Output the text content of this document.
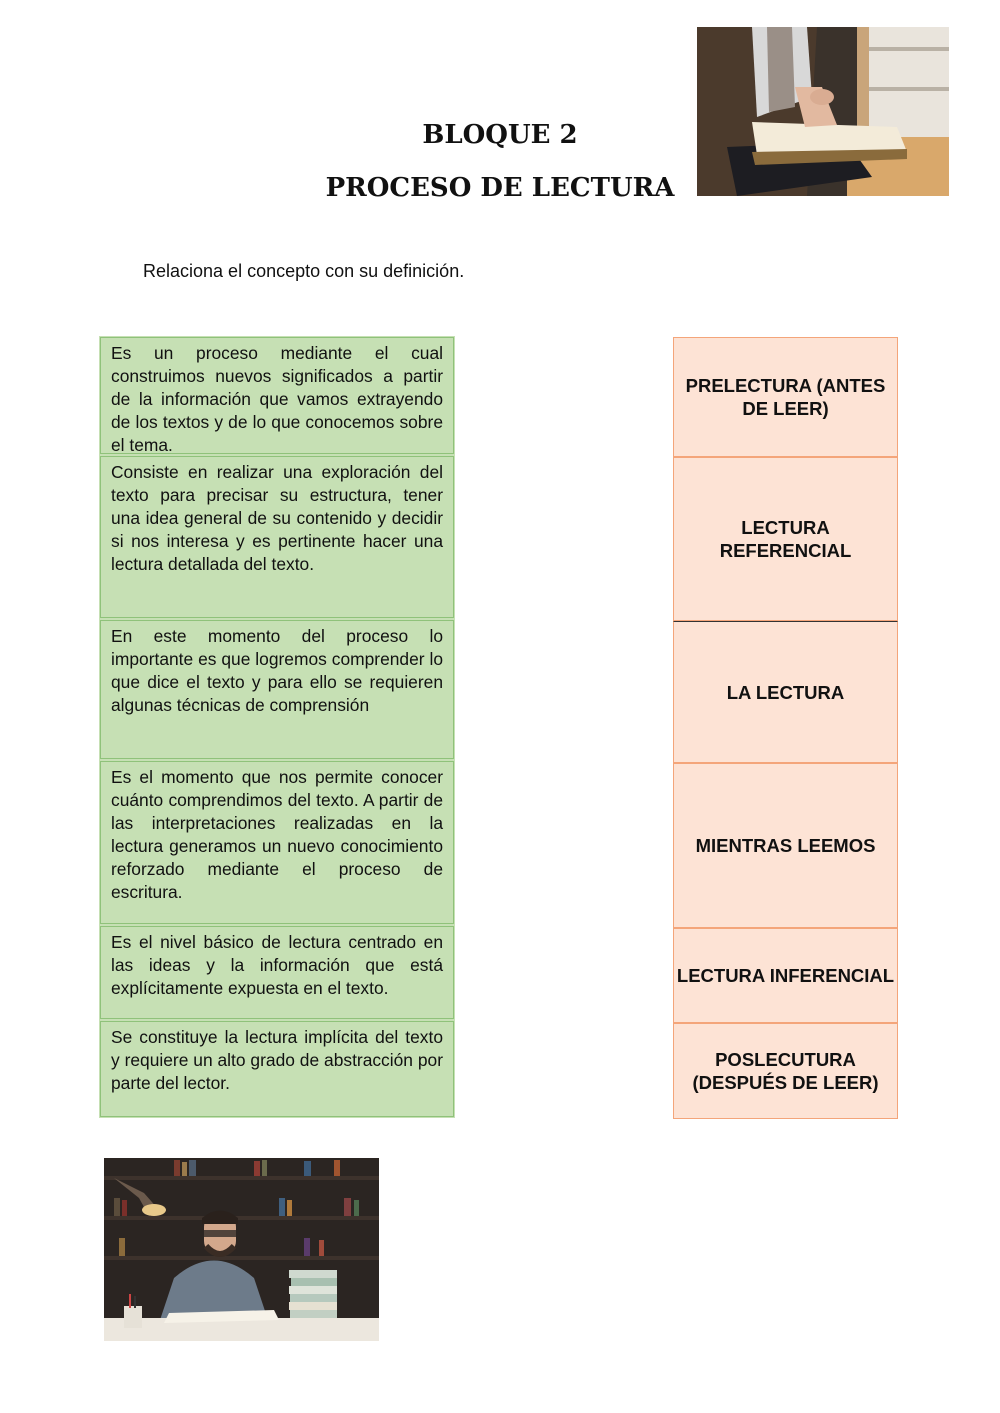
BLOQUE 2
PROCESO DE LECTURA

Relaciona el concepto con su definición.

Es un proceso mediante el cual construimos nuevos significados a partir de la información que vamos extrayendo de los textos y de lo que conocemos sobre el tema.
Consiste en realizar una exploración del texto para precisar su estructura, tener una idea general de su contenido y decidir si nos interesa y es pertinente hacer una lectura detallada del texto.
En este momento del proceso lo importante es que logremos comprender lo que dice el texto y para ello se requieren algunas técnicas de comprensión
Es el momento que nos permite conocer cuánto comprendimos del texto. A partir de las interpretaciones realizadas en la lectura generamos un nuevo conocimiento reforzado mediante el proceso de escritura.
Es el nivel básico de lectura centrado en las ideas y la información que está explícitamente expuesta en el texto.
Se constituye la lectura implícita del texto y requiere un alto grado de abstracción por parte del lector.
PRELECTURA (ANTES DE LEER)
LECTURA REFERENCIAL
LA LECTURA
MIENTRAS LEEMOS
LECTURA INFERENCIAL
POSLECUTURA (DESPUÉS DE LEER)
